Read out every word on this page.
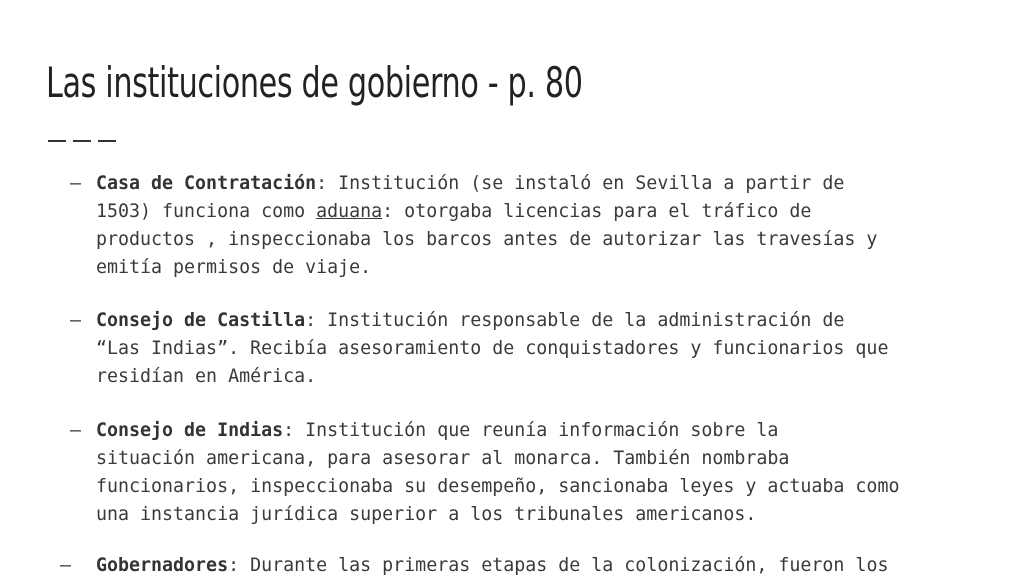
Las instituciones de gobierno - p. 80
– Casa de Contratación: Institución (se instaló en Sevilla a partir de

1503) funciona como aduana: otorgaba licencias para el tráfico de

productos , inspeccionaba los barcos antes de autorizar las travesías y

emitía permisos de viaje.

– Consejo de Castilla: Institución responsable de la administración de

“Las Indias”. Recibía asesoramiento de conquistadores y funcionarios que

residían en América.

– Consejo de Indias: Institución que reunía información sobre la

situación americana, para asesorar al monarca. También nombraba

funcionarios, inspeccionaba su desempeño, sancionaba leyes y actuaba como

una instancia jurídica superior a los tribunales americanos.

– Gobernadores: Durante las primeras etapas de la colonización, fueron los
